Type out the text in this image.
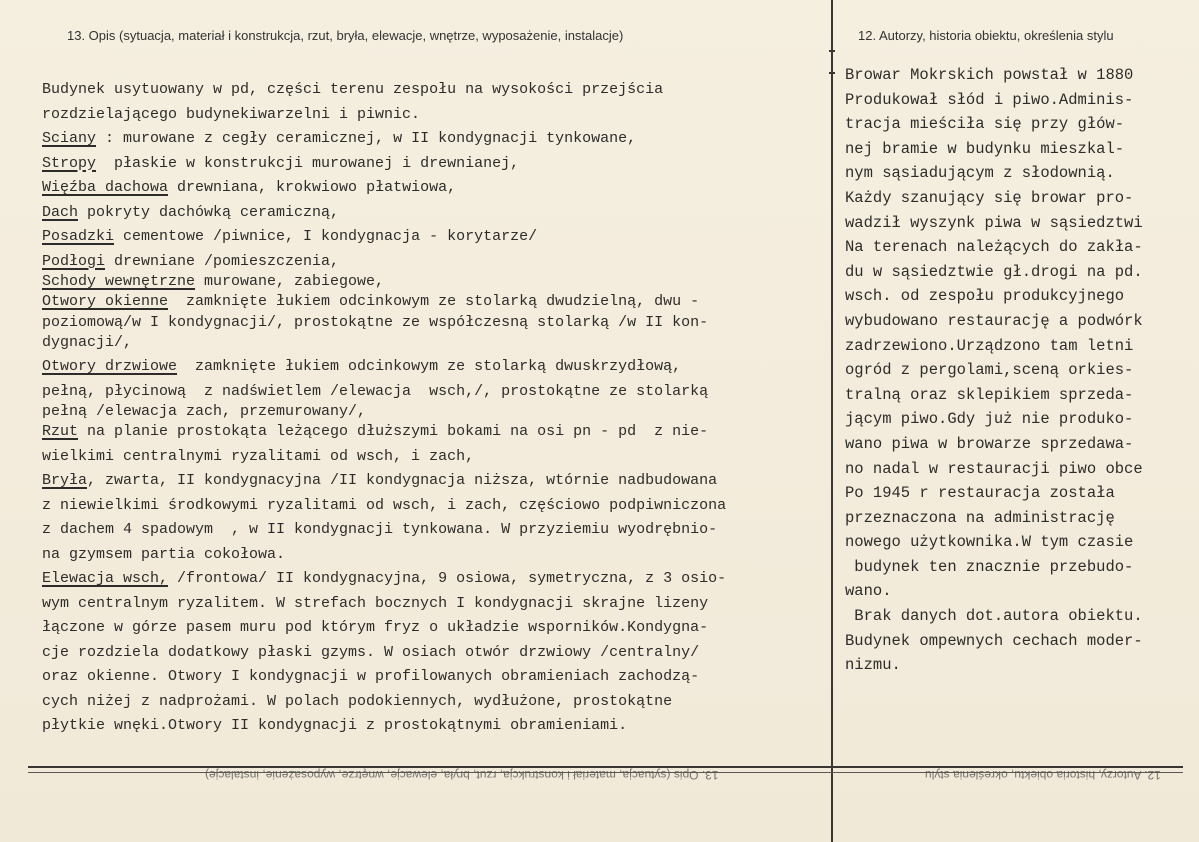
13. Opis (sytuacja, materiał i konstrukcja, rzut, bryła, elewacje, wnętrze, wyposażenie, instalacje)	12. Autorzy, historia obiektu, określenia stylu
Budynek usytuowany w pd, części terenu zespołu na wysokości przejścia
rozdzielającego budynekiwarzelni i piwnic.
Sciany : murowane z cegły ceramicznej, w II kondygnacji tynkowane,
Stropy  płaskie w konstrukcji murowanej i drewnianej,
Więźba dachowa drewniana, krokwiowo płatwiowa,
Dach pokryty dachówką ceramiczną,
Posadzki cementowe /piwnice, I kondygnacja - korytarze/
Podłogi drewniane /pomieszczenia,
Schody wewnętrzne murowane, zabiegowe,
Otwory okienne  zamknięte łukiem odcinkowym ze stolarką dwudzielną, dwu -
poziomową/w I kondygnacji/, prostokątne ze współczesną stolarką /w II kon-
dygnacji/,
Otwory drzwiowe  zamknięte łukiem odcinkowym ze stolarką dwuskrzydłową,
pełną, płycinową  z nadświetlem /elewacja  wsch,/, prostokątne ze stolarką
pełną /elewacja zach, przemurowany/,
Rzut na planie prostokąta leżącego dłuższymi bokami na osi pn - pd  z nie-
wielkimi centralnymi ryzalitami od wsch, i zach,
Bryła, zwarta, II kondygnacyjna /II kondygnacja niższa, wtórnie nadbudowana
z niewielkimi środkowymi ryzalitami od wsch, i zach, częściowo podpiwniczona
z dachem 4 spadowym  , w II kondygnacji tynkowana. W przyziemiu wyodrębnio-
na gzymsem partia cokołowa.
Elewacja wsch, /frontowa/ II kondygnacyjna, 9 osiowa, symetryczna, z 3 osio-
wym centralnym ryzalitem. W strefach bocznych I kondygnacji skrajne lizeny
łączone w górze pasem muru pod którym fryz o układzie wsporników.Kondygna-
cje rozdziela dodatkowy płaski gzyms. W osiach otwór drzwiowy /centralny/
oraz okienne. Otwory I kondygnacji w profilowanych obramieniach zachodzą-
cych niżej z nadprożami. W polach podokiennych, wydłużone, prostokątne
płytkie wnęki.Otwory II kondygnacji z prostokątnymi obramieniami.
Browar Mokrskich powstał w 1880
Produkował słód i piwo.Adminis-
tracja mieściła się przy głów-
nej bramie w budynku mieszkal-
nym sąsiadującym z słodownią.
Każdy szanujący się browar pro-
wadził wyszynk piwa w sąsiedztwi
Na terenach należących do zakła-
du w sąsiedztwie gł.drogi na pd.
wsch. od zespołu produkcyjnego
wybudowano restaurację a podwórk
zadrzewiono.Urządzono tam letni
ogród z pergolami,sceną orkies-
tralną oraz sklepikiem sprzeda-
jącym piwo.Gdy już nie produko-
wano piwa w browarze sprzedawa-
no nadal w restauracji piwo obce
Po 1945 r restauracja została
przeznaczona na administrację
nowego użytkownika.W tym czasie
budynek ten znacznie przebudo-
wano.
Brak danych dot.autora obiektu.
Budynek ompewnych cechach moder-
nizmu.
13. Opis (sytuacja, materiał i konstrukcja, rzut, bryła, elewacje, wnętrze, wyposażenie, instalacje)	12. Autorzy, historia obiektu, określenia stylu
